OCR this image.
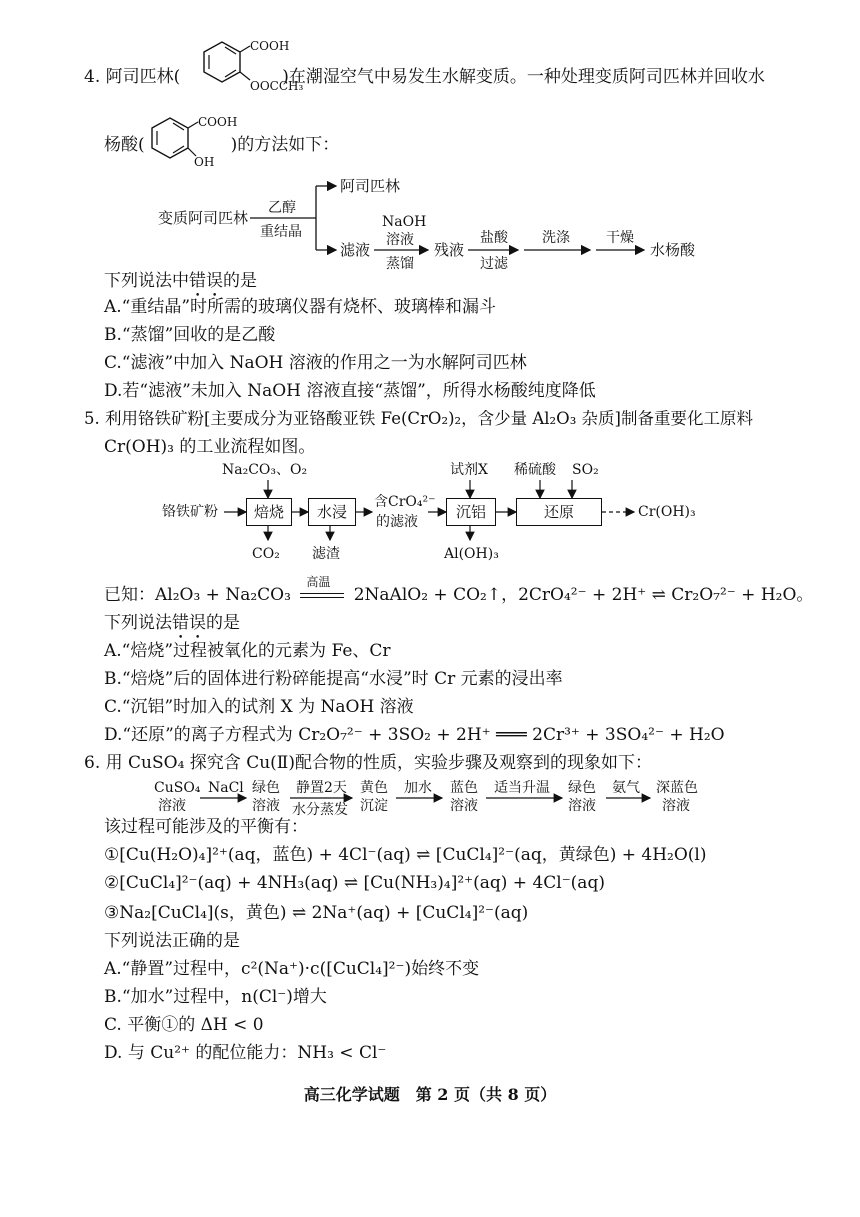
4. 阿司匹林(	)在潮湿空气中易发生水解变质。一种处理变质阿司匹林并回收水
COOH
OOCCH₃
杨酸(	)的方法如下：
COOH
OH
变质阿司匹林
乙醇
重结晶
阿司匹林
滤液
NaOH
溶液
蒸馏
残液
盐酸
过滤
洗涤	干燥
水杨酸
下列说法中错误的是
A.“重结晶”时所需的玻璃仪器有烧杯、玻璃棒和漏斗
B.“蒸馏”回收的是乙酸
C.“滤液”中加入 NaOH 溶液的作用之一为水解阿司匹林
D.若“滤液”未加入 NaOH 溶液直接“蒸馏”，所得水杨酸纯度降低
5. 利用铬铁矿粉[主要成分为亚铬酸亚铁 Fe(CrO₂)₂，含少量 Al₂O₃ 杂质]制备重要化工原料
Cr(OH)₃ 的工业流程如图。
Na₂CO₃、O₂
铬铁矿粉	焙烧	水浸
含CrO₄²⁻
的滤液
沉铝	还原	Cr(OH)₃
试剂X 稀硫酸 SO₂
CO₂ 滤渣	Al(OH)₃
已知：Al₂O₃ + Na₂CO₃
高温
2NaAlO₂ + CO₂↑，2CrO₄²⁻ + 2H⁺ ⇌ Cr₂O₇²⁻ + H₂O。
下列说法错误的是
A.“焙烧”过程被氧化的元素为 Fe、Cr
B.“焙烧”后的固体进行粉碎能提高“水浸”时 Cr 元素的浸出率
C.“沉铝”时加入的试剂 X 为 NaOH 溶液
D.“还原”的离子方程式为 Cr₂O₇²⁻ + 3SO₂ + 2H⁺ ═══ 2Cr³⁺ + 3SO₄²⁻ + H₂O
6. 用 CuSO₄ 探究含 Cu(Ⅱ)配合物的性质，实验步骤及观察到的现象如下：
CuSO₄
溶液
NaCl 绿色
溶液
静置2天
水分蒸发
黄色
沉淀
加水 蓝色
溶液
适当升温 绿色
溶液
氨气 深蓝色
溶液
该过程可能涉及的平衡有：
①[Cu(H₂O)₄]²⁺(aq，蓝色) + 4Cl⁻(aq) ⇌ [CuCl₄]²⁻(aq，黄绿色) + 4H₂O(l)
②[CuCl₄]²⁻(aq) + 4NH₃(aq) ⇌ [Cu(NH₃)₄]²⁺(aq) + 4Cl⁻(aq)
③Na₂[CuCl₄](s，黄色) ⇌ 2Na⁺(aq) + [CuCl₄]²⁻(aq)
下列说法正确的是
A.“静置”过程中，c²(Na⁺)·c([CuCl₄]²⁻)始终不变
B.“加水”过程中，n(Cl⁻)增大
C. 平衡①的 ΔH < 0
D. 与 Cu²⁺ 的配位能力：NH₃ < Cl⁻
高三化学试题　第 2 页（共 8 页）
